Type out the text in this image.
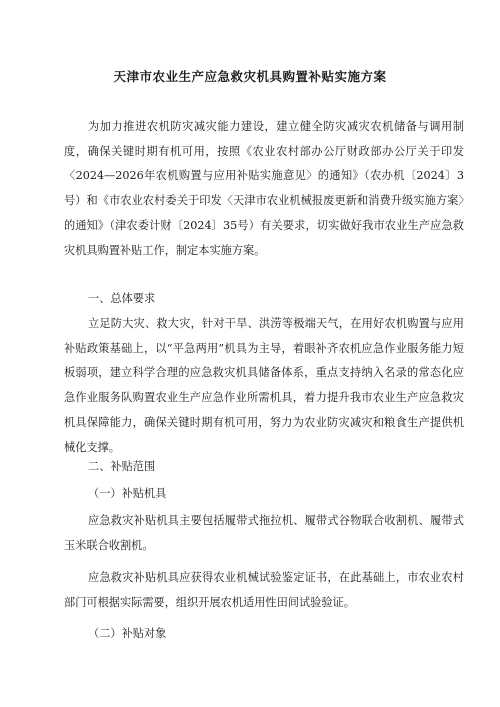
天津市农业生产应急救灾机具购置补贴实施方案

为加力推进农机防灾减灾能力建设，建立健全防灾减灾农机储备与调用制度，确保关键时期有机可用，按照《农业农村部办公厅财政部办公厅关于印发〈2024—2026年农机购置与应用补贴实施意见〉的通知》（农办机〔2024〕3号）和《市农业农村委关于印发〈天津市农业机械报废更新和消费升级实施方案〉的通知》（津农委计财〔2024〕35号）有关要求，切实做好我市农业生产应急救灾机具购置补贴工作，制定本实施方案。

一、总体要求

立足防大灾、救大灾，针对干旱、洪涝等极端天气，在用好农机购置与应用补贴政策基础上，以“平急两用”机具为主导，着眼补齐农机应急作业服务能力短板弱项，建立科学合理的应急救灾机具储备体系，重点支持纳入名录的常态化应急作业服务队购置农业生产应急作业所需机具，着力提升我市农业生产应急救灾机具保障能力，确保关键时期有机可用，努力为农业防灾减灾和粮食生产提供机械化支撑。

二、补贴范围

（一）补贴机具

应急救灾补贴机具主要包括履带式拖拉机、履带式谷物联合收割机、履带式玉米联合收割机。

应急救灾补贴机具应获得农业机械试验鉴定证书，在此基础上，市农业农村部门可根据实际需要，组织开展农机适用性田间试验验证。

（二）补贴对象
